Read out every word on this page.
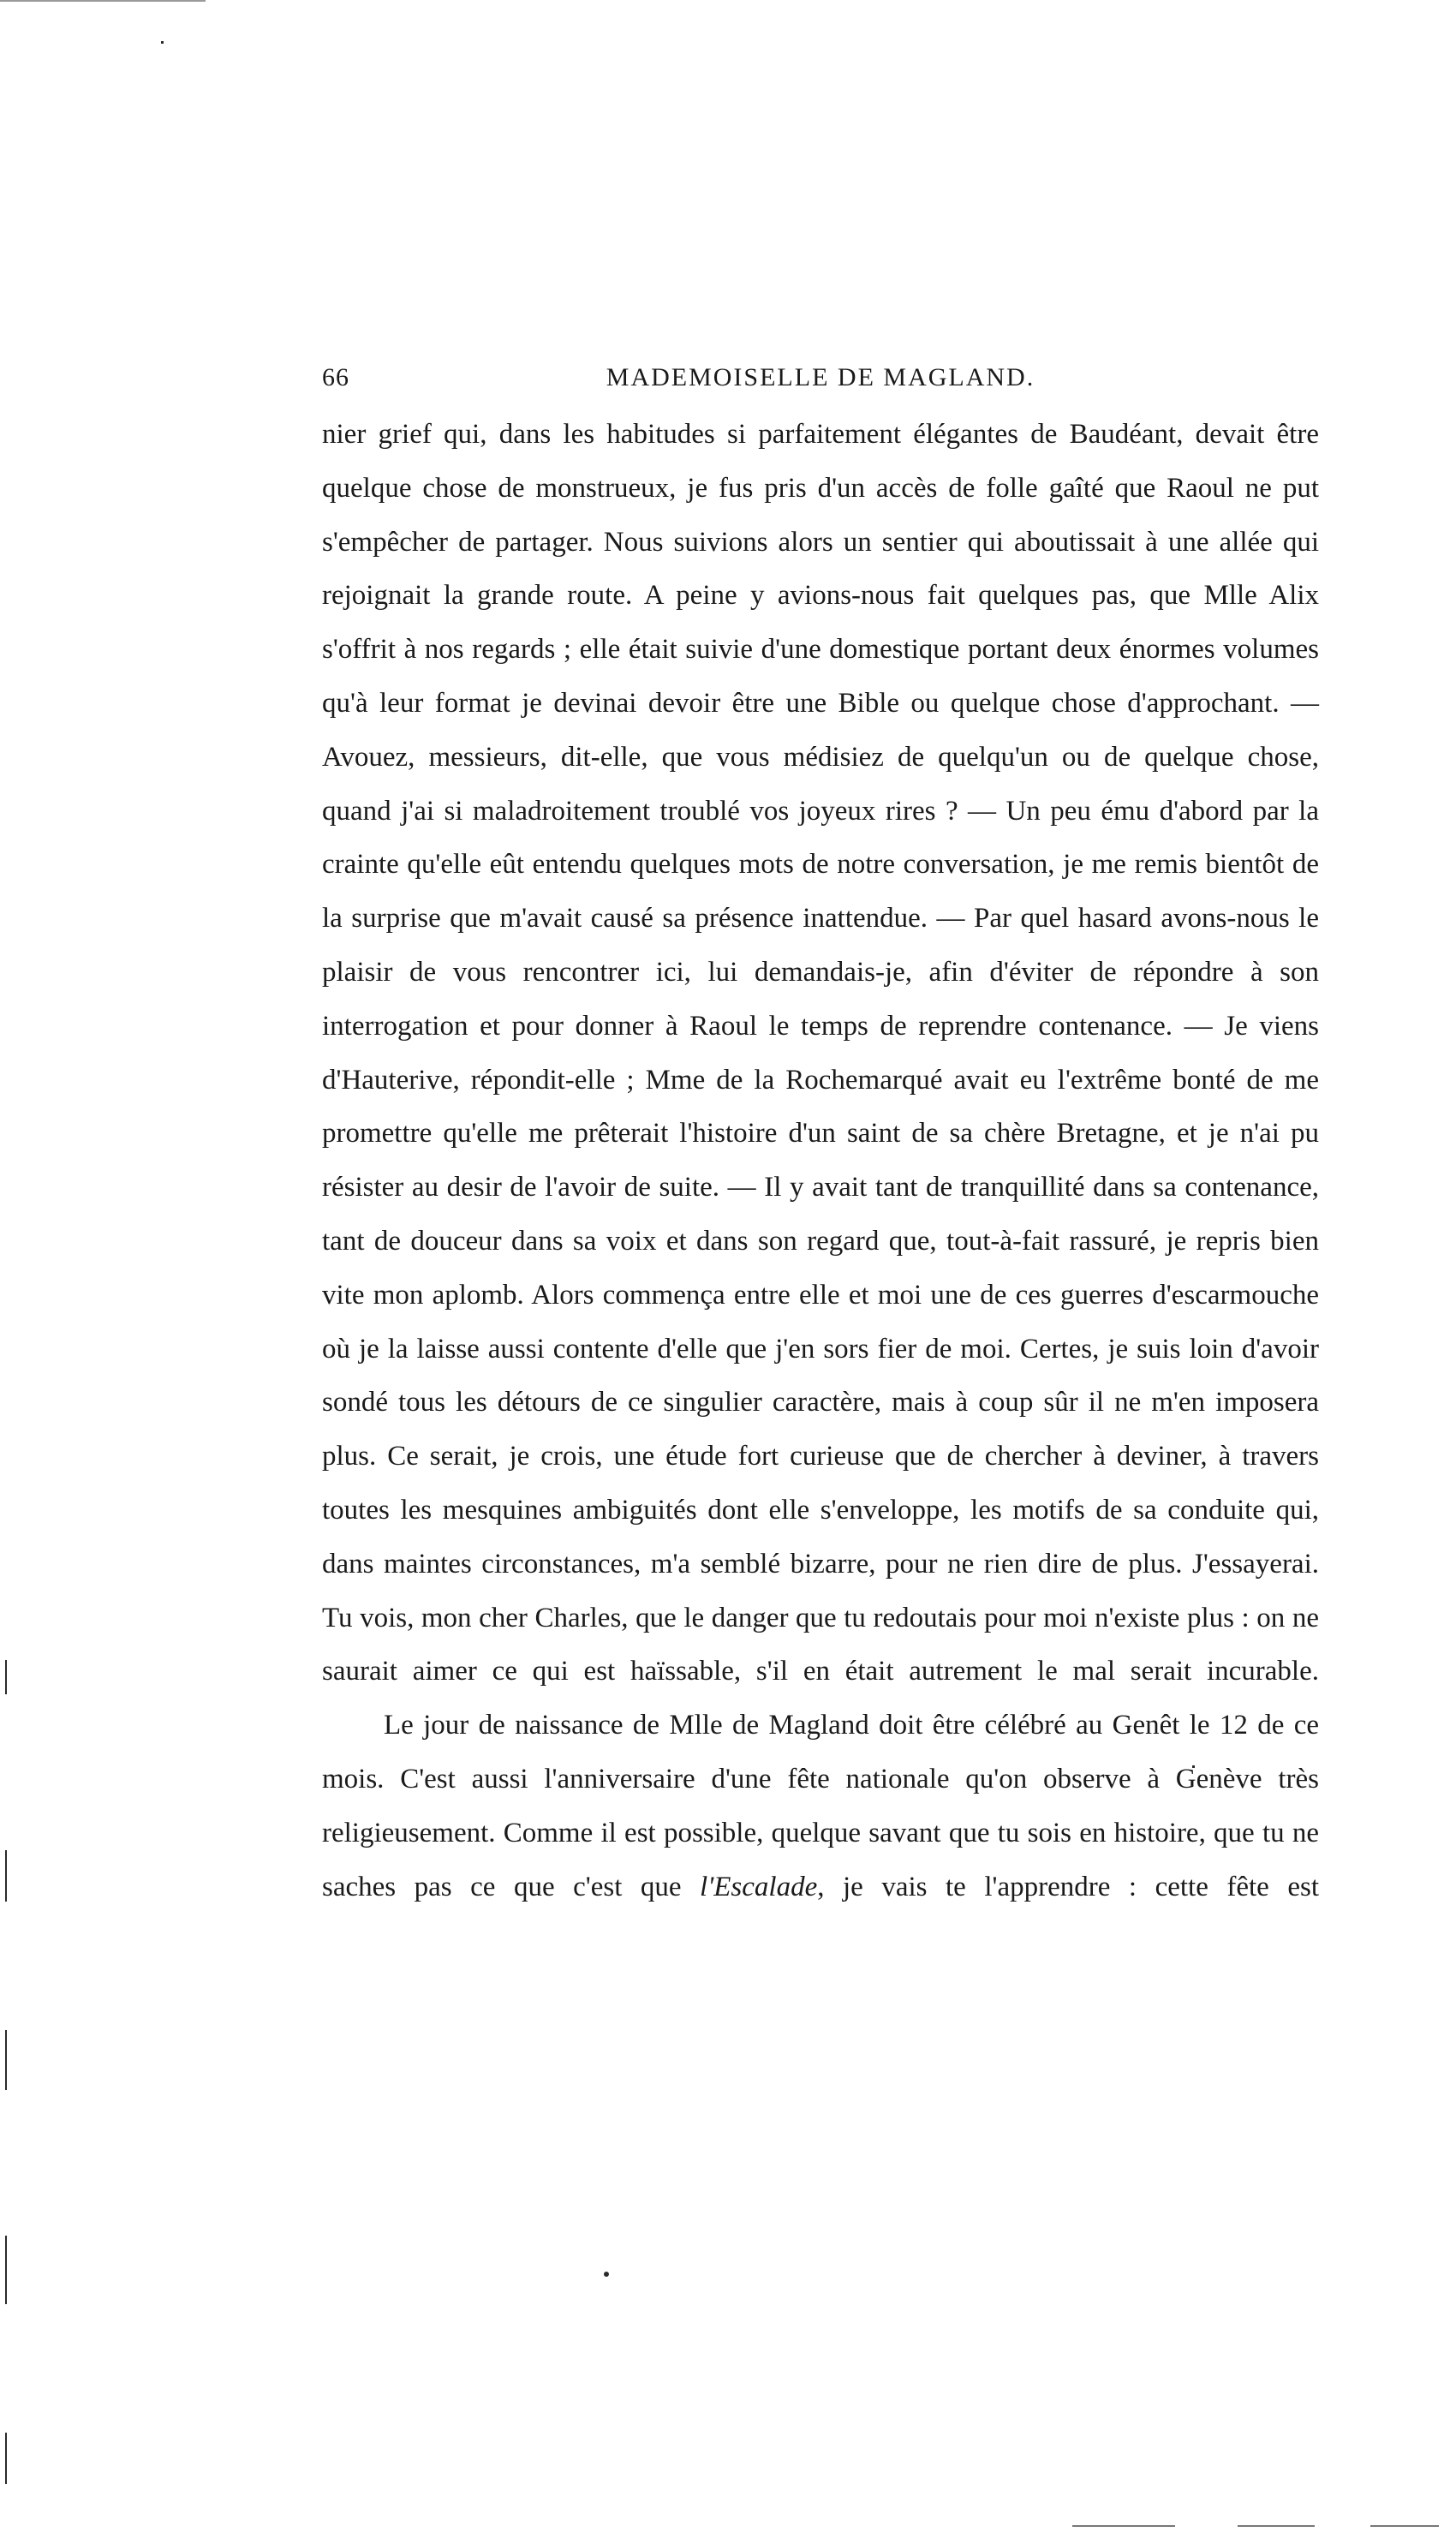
66	MADEMOISELLE DE MAGLAND.

nier grief qui, dans les habitudes si parfaitement élégantes de Baudéant, devait être quelque chose de monstrueux, je fus pris d'un accès de folle gaîté que Raoul ne put s'empêcher de partager. Nous suivions alors un sentier qui aboutissait à une allée qui rejoignait la grande route. A peine y avions-nous fait quelques pas, que Mlle Alix s'offrit à nos regards ; elle était suivie d'une domestique portant deux énormes volumes qu'à leur format je devinai devoir être une Bible ou quelque chose d'approchant. — Avouez, messieurs, dit-elle, que vous médisiez de quelqu'un ou de quelque chose, quand j'ai si maladroitement troublé vos joyeux rires ? — Un peu ému d'abord par la crainte qu'elle eût entendu quelques mots de notre conversation, je me remis bientôt de la surprise que m'avait causé sa présence inattendue. — Par quel hasard avons-nous le plaisir de vous rencontrer ici, lui demandais-je, afin d'éviter de répondre à son interrogation et pour donner à Raoul le temps de reprendre contenance. — Je viens d'Hauterive, répondit-elle ; Mme de la Rochemarqué avait eu l'extrême bonté de me promettre qu'elle me prêterait l'histoire d'un saint de sa chère Bretagne, et je n'ai pu résister au desir de l'avoir de suite. — Il y avait tant de tranquillité dans sa contenance, tant de douceur dans sa voix et dans son regard que, tout-à-fait rassuré, je repris bien vite mon aplomb. Alors commença entre elle et moi une de ces guerres d'escarmouche où je la laisse aussi contente d'elle que j'en sors fier de moi. Certes, je suis loin d'avoir sondé tous les détours de ce singulier caractère, mais à coup sûr il ne m'en imposera plus. Ce serait, je crois, une étude fort curieuse que de chercher à deviner, à travers toutes les mesquines ambiguités dont elle s'enveloppe, les motifs de sa conduite qui, dans maintes circonstances, m'a semblé bizarre, pour ne rien dire de plus. J'essayerai. Tu vois, mon cher Charles, que le danger que tu redoutais pour moi n'existe plus : on ne saurait aimer ce qui est haïssable, s'il en était autrement le mal serait incurable.

Le jour de naissance de Mlle de Magland doit être célébré au Genêt le 12 de ce mois. C'est aussi l'anniversaire d'une fête nationale qu'on observe à Genève très religieusement. Comme il est possible, quelque savant que tu sois en histoire, que tu ne saches pas ce que c'est que l'Escalade, je vais te l'apprendre : cette fête est
